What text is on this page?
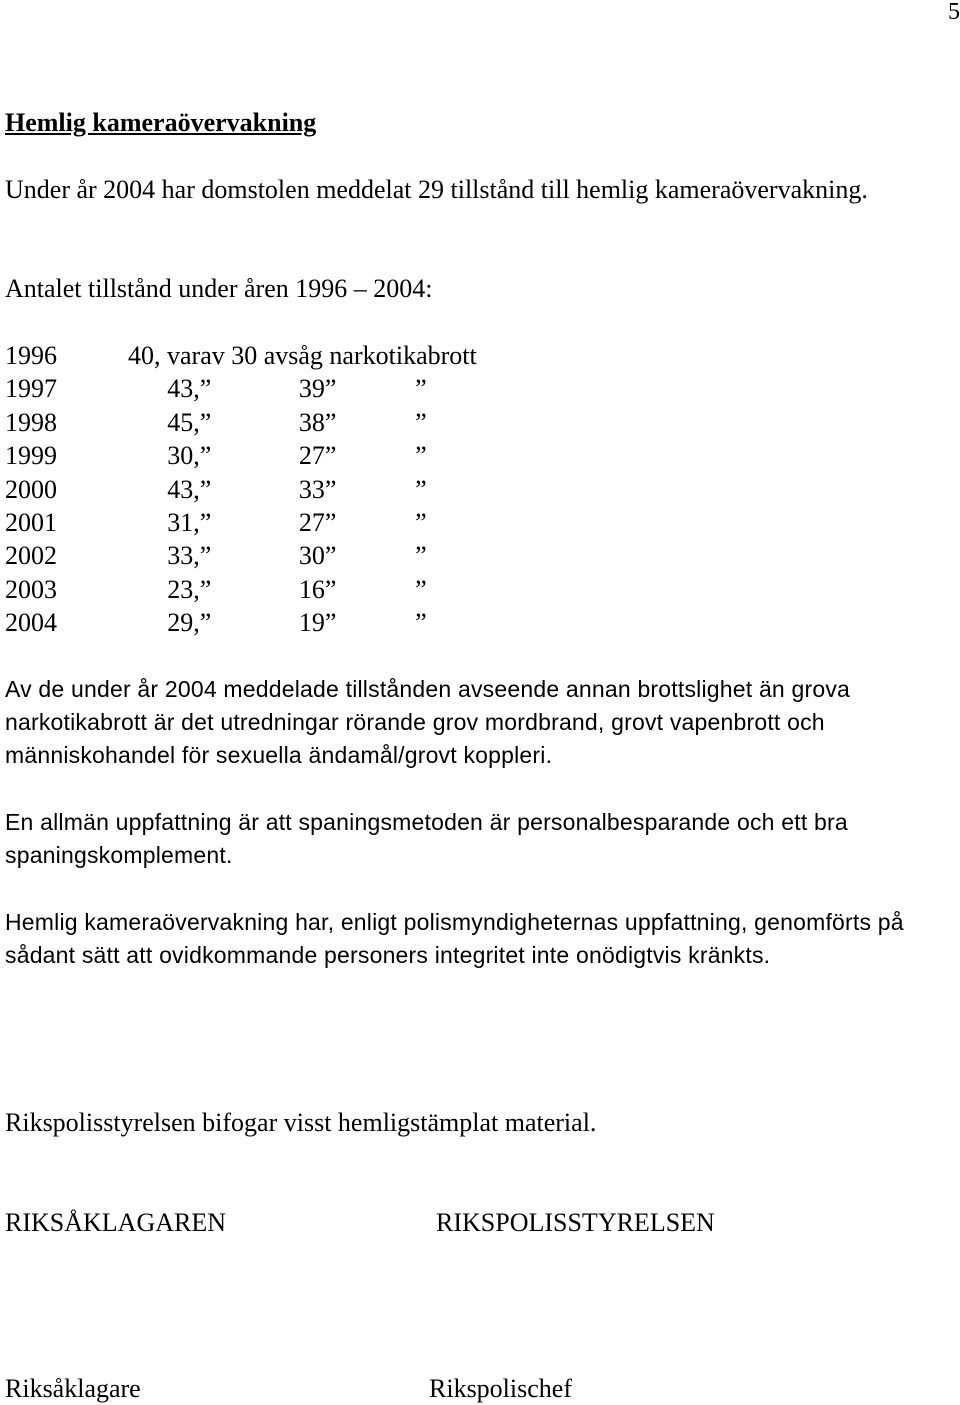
5
Hemlig kameraövervakning

Under år 2004 har domstolen meddelat 29 tillstånd till hemlig kameraövervakning.

Antalet tillstånd under åren 1996 – 2004:

1996	40, varav 30 avsåg narkotikabrott				
1997	43,	”	39	”	”
1998	45,	”	38	”	”
1999	30,	”	27	”	”
2000	43,	”	33	”	”
2001	31,	”	27	”	”
2002	33,	”	30	”	”
2003	23,	”	16	”	”
2004	29,	”	19	”	”

Av de under år 2004 meddelade tillstånden avseende annan brottslighet än grova narkotikabrott är det utredningar rörande grov mordbrand, grovt vapenbrott och människohandel för sexuella ändamål/grovt koppleri.

En allmän uppfattning är att spaningsmetoden är personalbesparande och ett bra spaningskomplement.

Hemlig kameraövervakning har, enligt polismyndigheternas uppfattning, genomförts på sådant sätt att ovidkommande personers integritet inte onödigtvis kränkts.

Rikspolisstyrelsen bifogar visst hemligstämplat material.

RIKSÅKLAGAREN	RIKSPOLISSTYRELSEN
Riksåklagare	Rikspolischef
